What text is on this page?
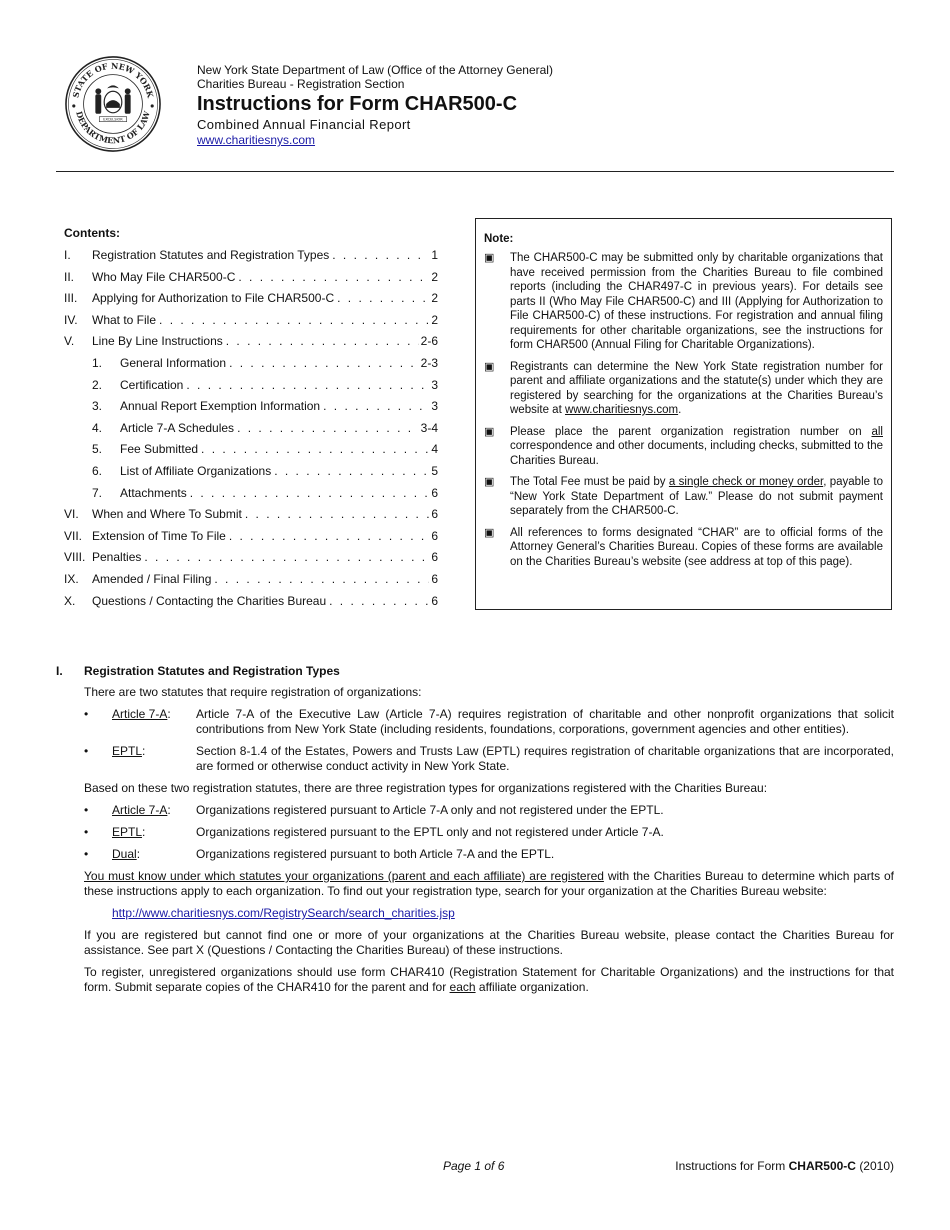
STATE OF NEW YORK
DEPARTMENT OF LAW
EXCELSIOR
New York State Department of Law (Office of the Attorney General)
Charities Bureau - Registration Section
Instructions for Form CHAR500-C
Combined Annual Financial Report
www.charitiesnys.com
Contents:
I.	Registration Statutes and Registration Types . . .	1
II.	Who May File CHAR500-C . . .	2
III.	Applying for Authorization to File CHAR500-C . . .	2
IV.	What to File . . .	2
V.	Line By Line Instructions . . .	2-6
1.	General Information . . .	2-3
2.	Certification . . .	3
3.	Annual Report Exemption Information . . .	3
4.	Article 7-A Schedules . . .	3-4
5.	Fee Submitted . . .	4
6.	List of Affiliate Organizations . . .	5
7.	Attachments . . .	6
VI.	When and Where To Submit . . .	6
VII. Extension of Time To File . . .	6
VIII. Penalties . . .	6
IX.	Amended / Final Filing . . .	6
X.	Questions / Contacting the Charities Bureau . . .	6
Note:
▣	The CHAR500-C may be submitted only by charitable organizations that have received permission from the Charities Bureau to file combined reports (including the CHAR497-C in previous years). For details see parts II (Who May File CHAR500-C) and III (Applying for Authorization to File CHAR500-C) of these instructions. For registration and annual filing requirements for other charitable organizations, see the instructions for form CHAR500 (Annual Filing for Charitable Organizations).
▣	Registrants can determine the New York State registration number for parent and affiliate organizations and the statute(s) under which they are registered by searching for the organizations at the Charities Bureau’s website at www.charitiesnys.com.
▣	Please place the parent organization registration number on all correspondence and other documents, including checks, submitted to the Charities Bureau.
▣	The Total Fee must be paid by a single check or money order, payable to “New York State Department of Law.” Please do not submit payment separately from the CHAR500-C.
▣	All references to forms designated “CHAR” are to official forms of the Attorney General’s Charities Bureau. Copies of these forms are available on the Charities Bureau’s website (see address at top of this page).
I.	Registration Statutes and Registration Types
There are two statutes that require registration of organizations:
•	Article 7-A:	Article 7-A of the Executive Law (Article 7-A) requires registration of charitable and other nonprofit organizations that solicit contributions from New York State (including residents, foundations, corporations, government agencies and other entities).
•	EPTL:	Section 8-1.4 of the Estates, Powers and Trusts Law (EPTL) requires registration of charitable organizations that are incorporated, are formed or otherwise conduct activity in New York State.
Based on these two registration statutes, there are three registration types for organizations registered with the Charities Bureau:
•	Article 7-A:	Organizations registered pursuant to Article 7-A only and not registered under the EPTL.
•	EPTL:	Organizations registered pursuant to the EPTL only and not registered under Article 7-A.
•	Dual:	Organizations registered pursuant to both Article 7-A and the EPTL.
You must know under which statutes your organizations (parent and each affiliate) are registered with the Charities Bureau to determine which parts of these instructions apply to each organization. To find out your registration type, search for your organization at the Charities Bureau website:
http://www.charitiesnys.com/RegistrySearch/search_charities.jsp
If you are registered but cannot find one or more of your organizations at the Charities Bureau website, please contact the Charities Bureau for assistance. See part X (Questions / Contacting the Charities Bureau) of these instructions.
To register, unregistered organizations should use form CHAR410 (Registration Statement for Charitable Organizations) and the instructions for that form. Submit separate copies of the CHAR410 for the parent and for each affiliate organization.
Page 1 of 6	Instructions for Form CHAR500-C (2010)
